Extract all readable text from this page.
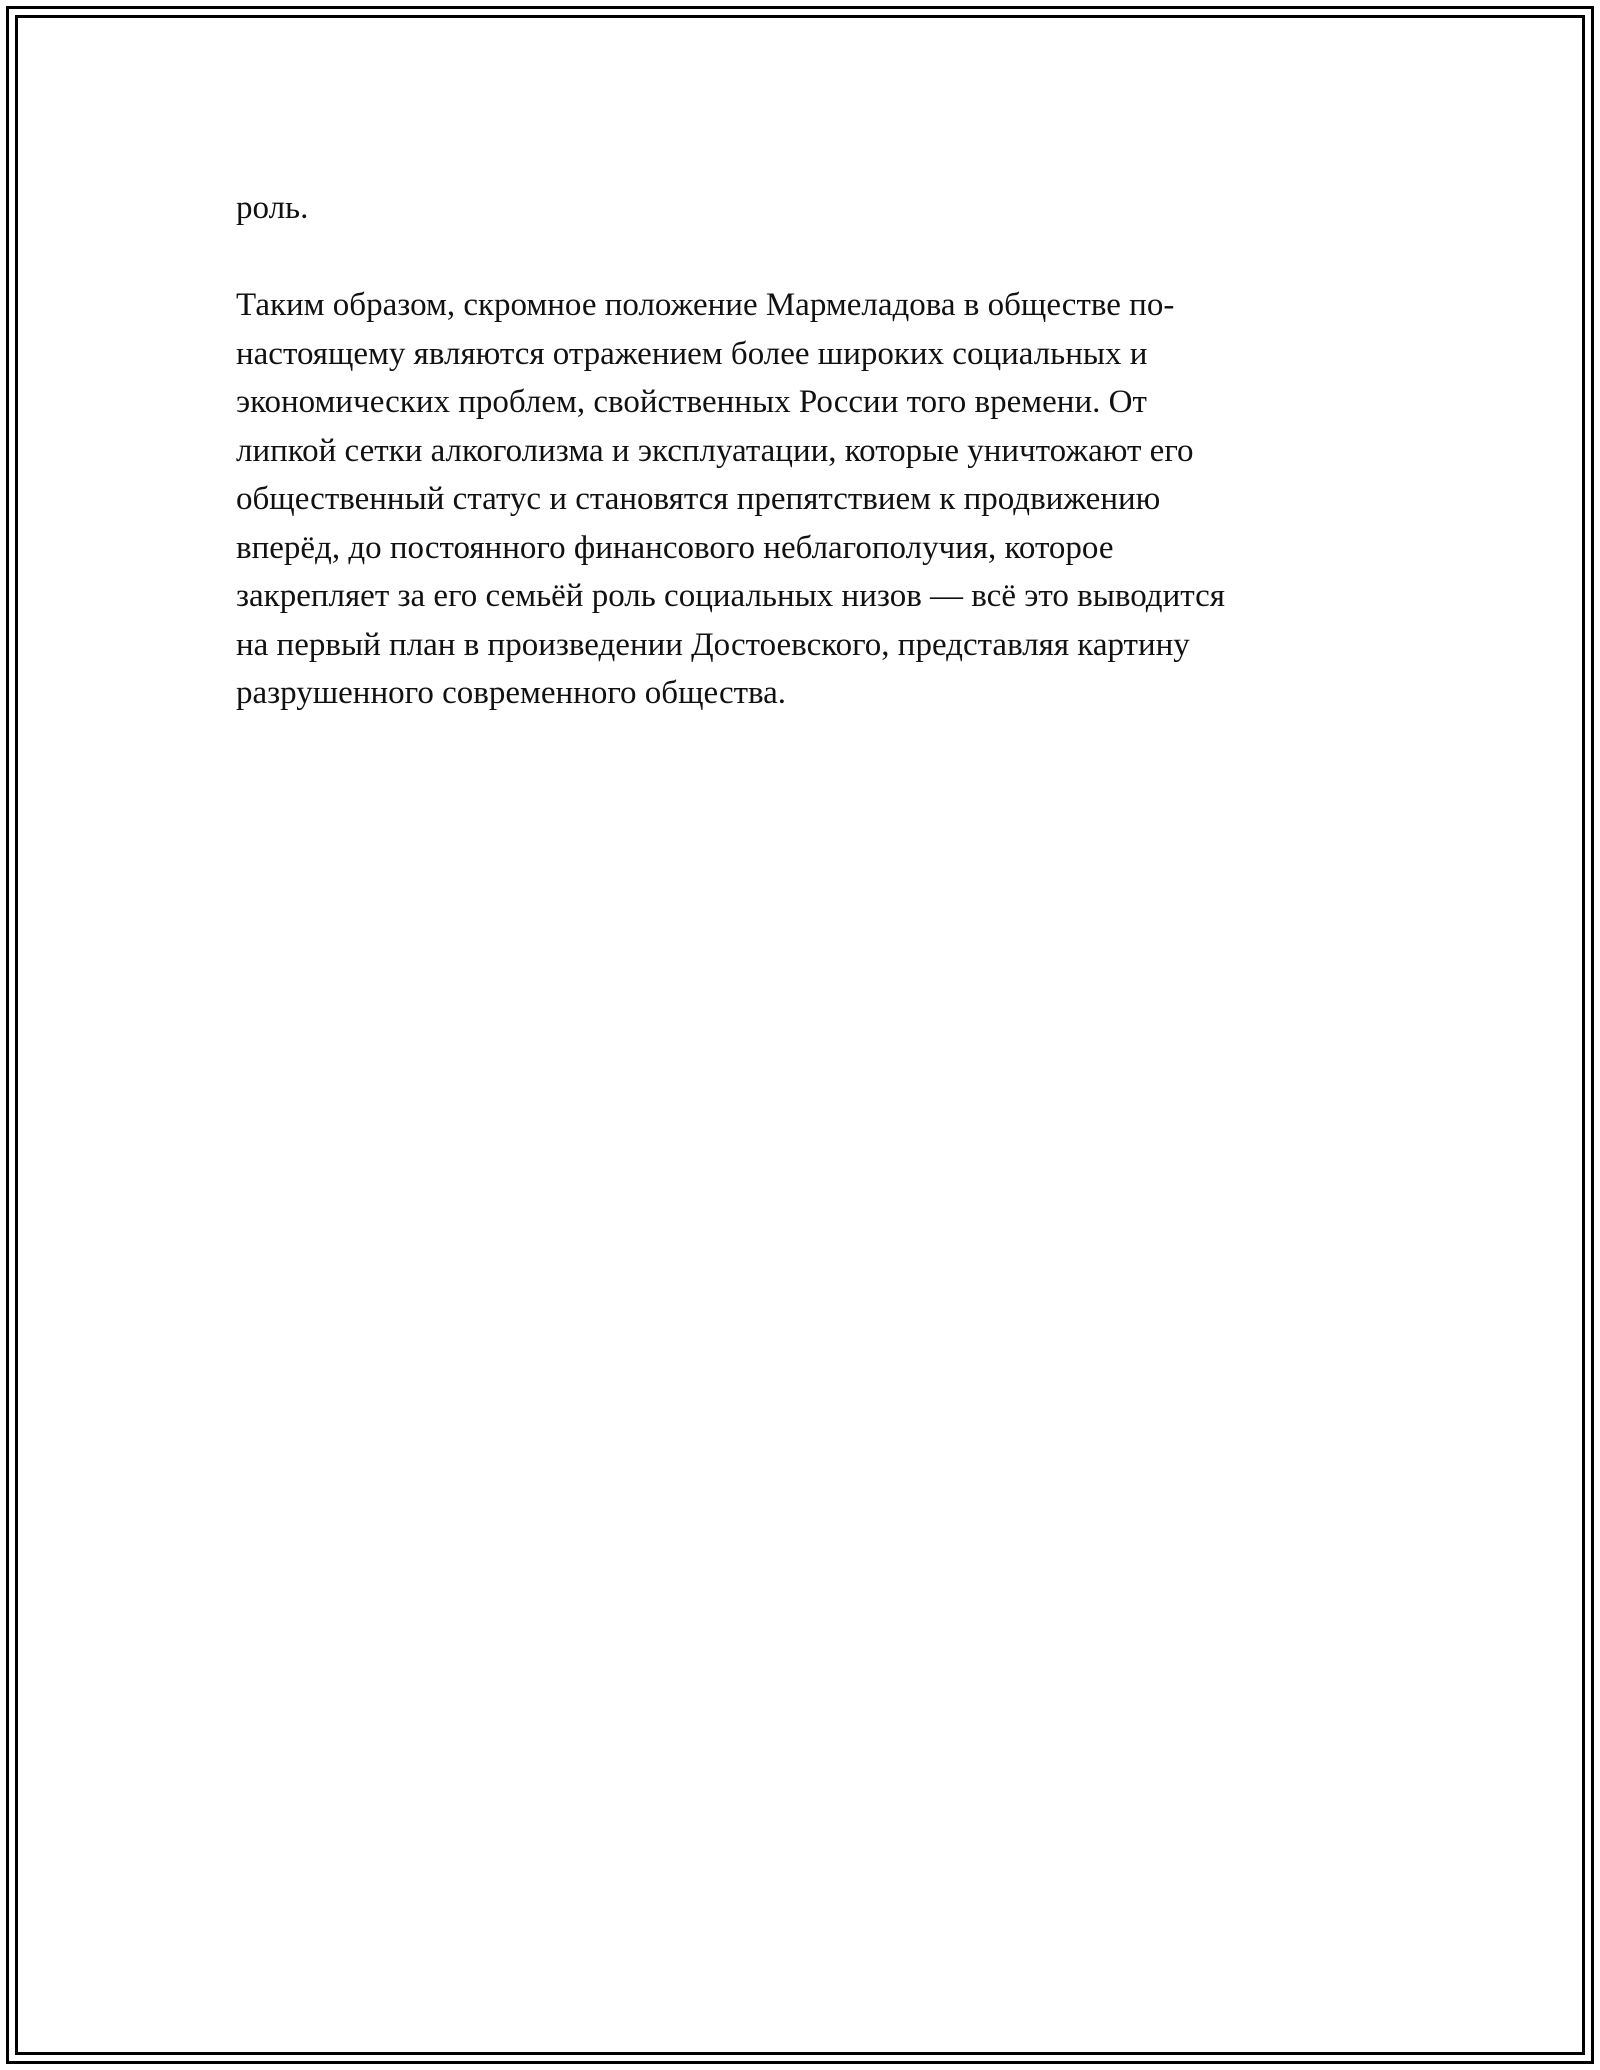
роль.

Таким образом, скромное положение Мармеладова в обществе по-

настоящему являются отражением более широких социальных и

экономических проблем, свойственных России того времени. От

липкой сетки алкоголизма и эксплуатации, которые уничтожают его

общественный статус и становятся препятствием к продвижению

вперёд, до постоянного финансового неблагополучия, которое

закрепляет за его семьёй роль социальных низов — всё это выводится

на первый план в произведении Достоевского, представляя картину

разрушенного современного общества.
